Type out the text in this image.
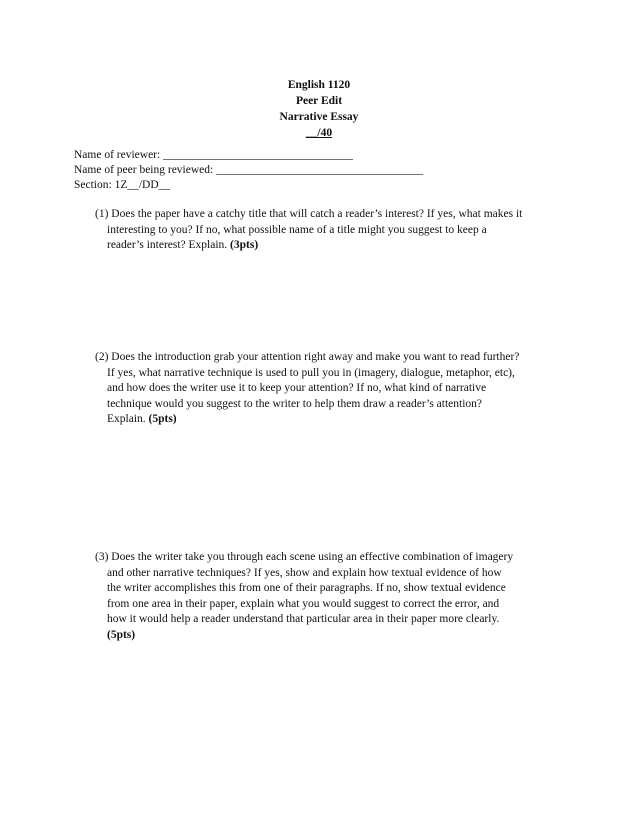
English 1120
Peer Edit
Narrative Essay
__/40
Name of reviewer: _________________________________
Name of peer being reviewed: ____________________________________
Section: 1Z__/DD__
(1) Does the paper have a catchy title that will catch a reader’s interest? If yes, what makes it
interesting to you? If no, what possible name of a title might you suggest to keep a
reader’s interest? Explain. (3pts)
(2) Does the introduction grab your attention right away and make you want to read further?
If yes, what narrative technique is used to pull you in (imagery, dialogue, metaphor, etc),
and how does the writer use it to keep your attention? If no, what kind of narrative
technique would you suggest to the writer to help them draw a reader’s attention?
Explain. (5pts)
(3) Does the writer take you through each scene using an effective combination of imagery
and other narrative techniques? If yes, show and explain how textual evidence of how
the writer accomplishes this from one of their paragraphs. If no, show textual evidence
from one area in their paper, explain what you would suggest to correct the error, and
how it would help a reader understand that particular area in their paper more clearly.
(5pts)
